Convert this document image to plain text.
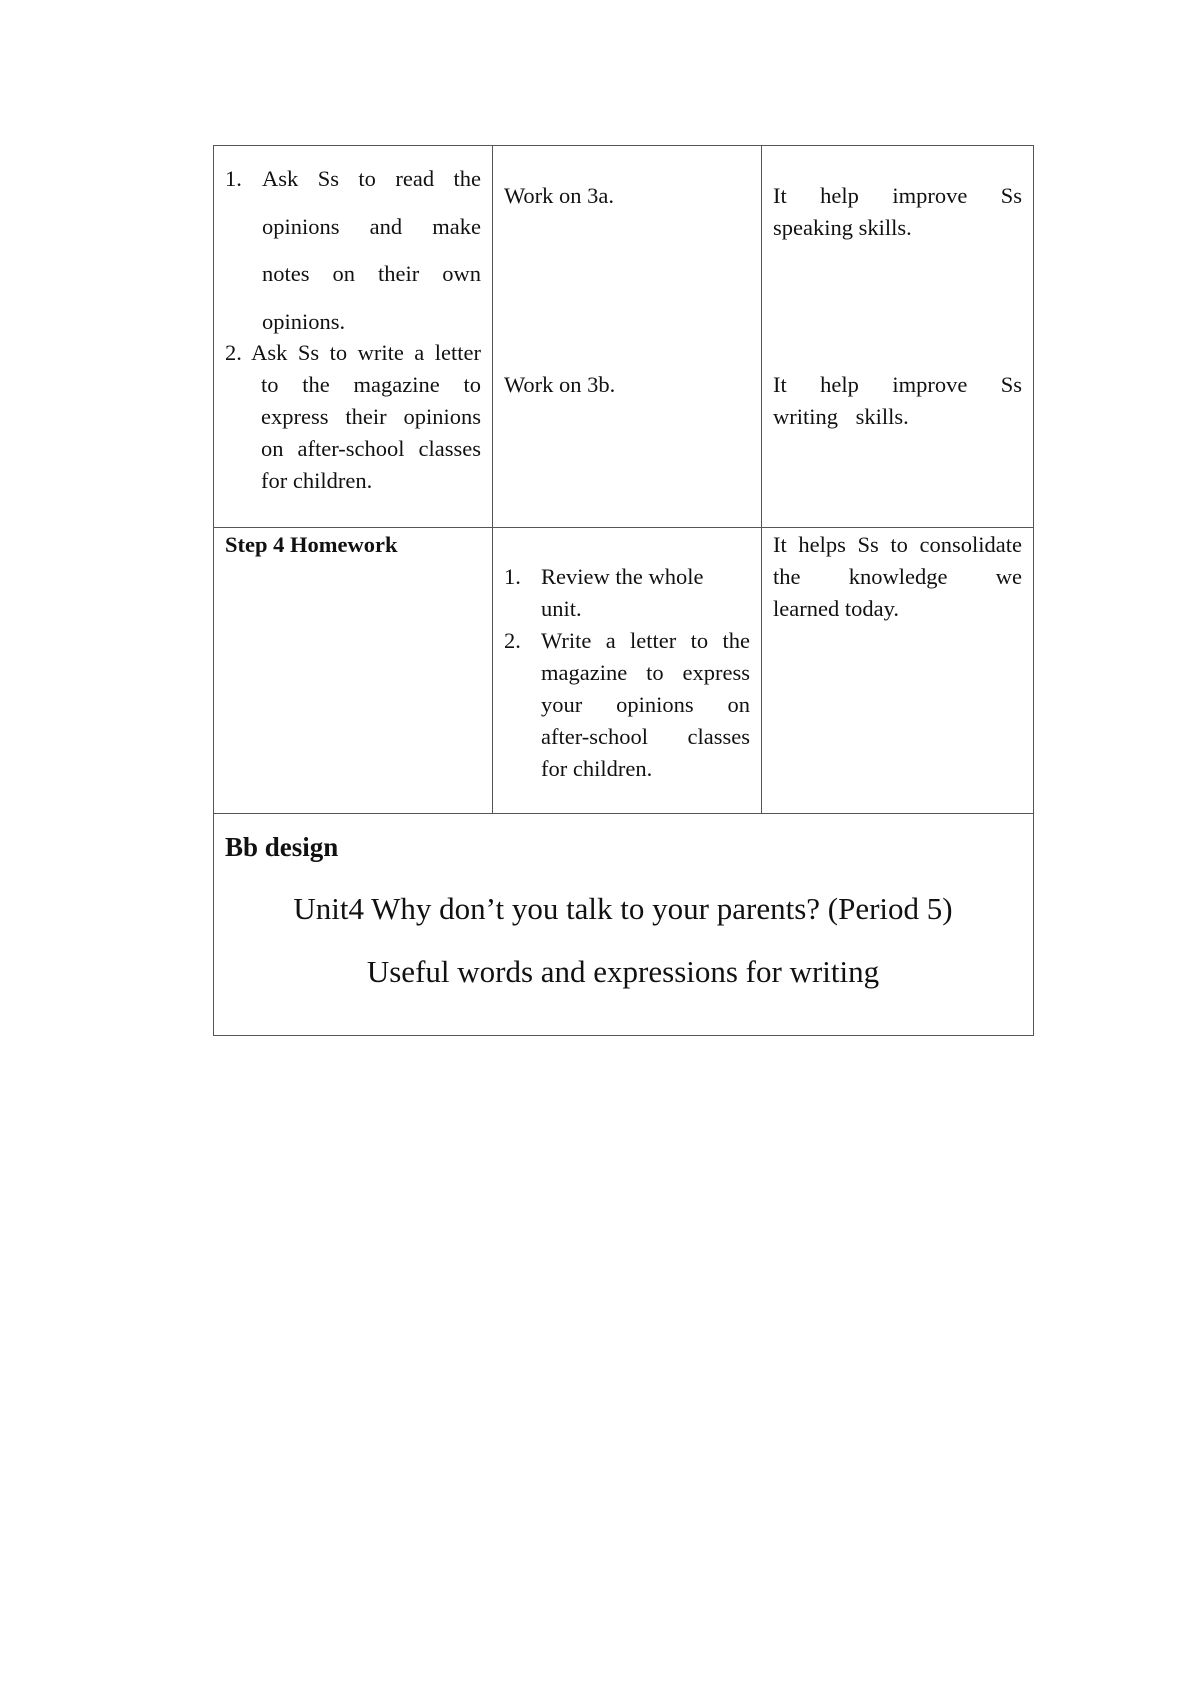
1. Ask Ss to read the
opinions and make
notes on their own
opinions.
2. Ask Ss to write a letter
to the magazine to
express their opinions
on after-school classes
for children.
Work on 3a.
Work on 3b.
It help improve Ss
speaking skills.
It help improve Ss
writing skills.
Step 4 Homework
1. Review the whole
unit.
2. Write a letter to the
magazine to express
your opinions on
after-school classes
for children.
It helps Ss to consolidate
the knowledge we
learned today.
Bb design
Unit4 Why don’t you talk to your parents? (Period 5)
Useful words and expressions for writing
